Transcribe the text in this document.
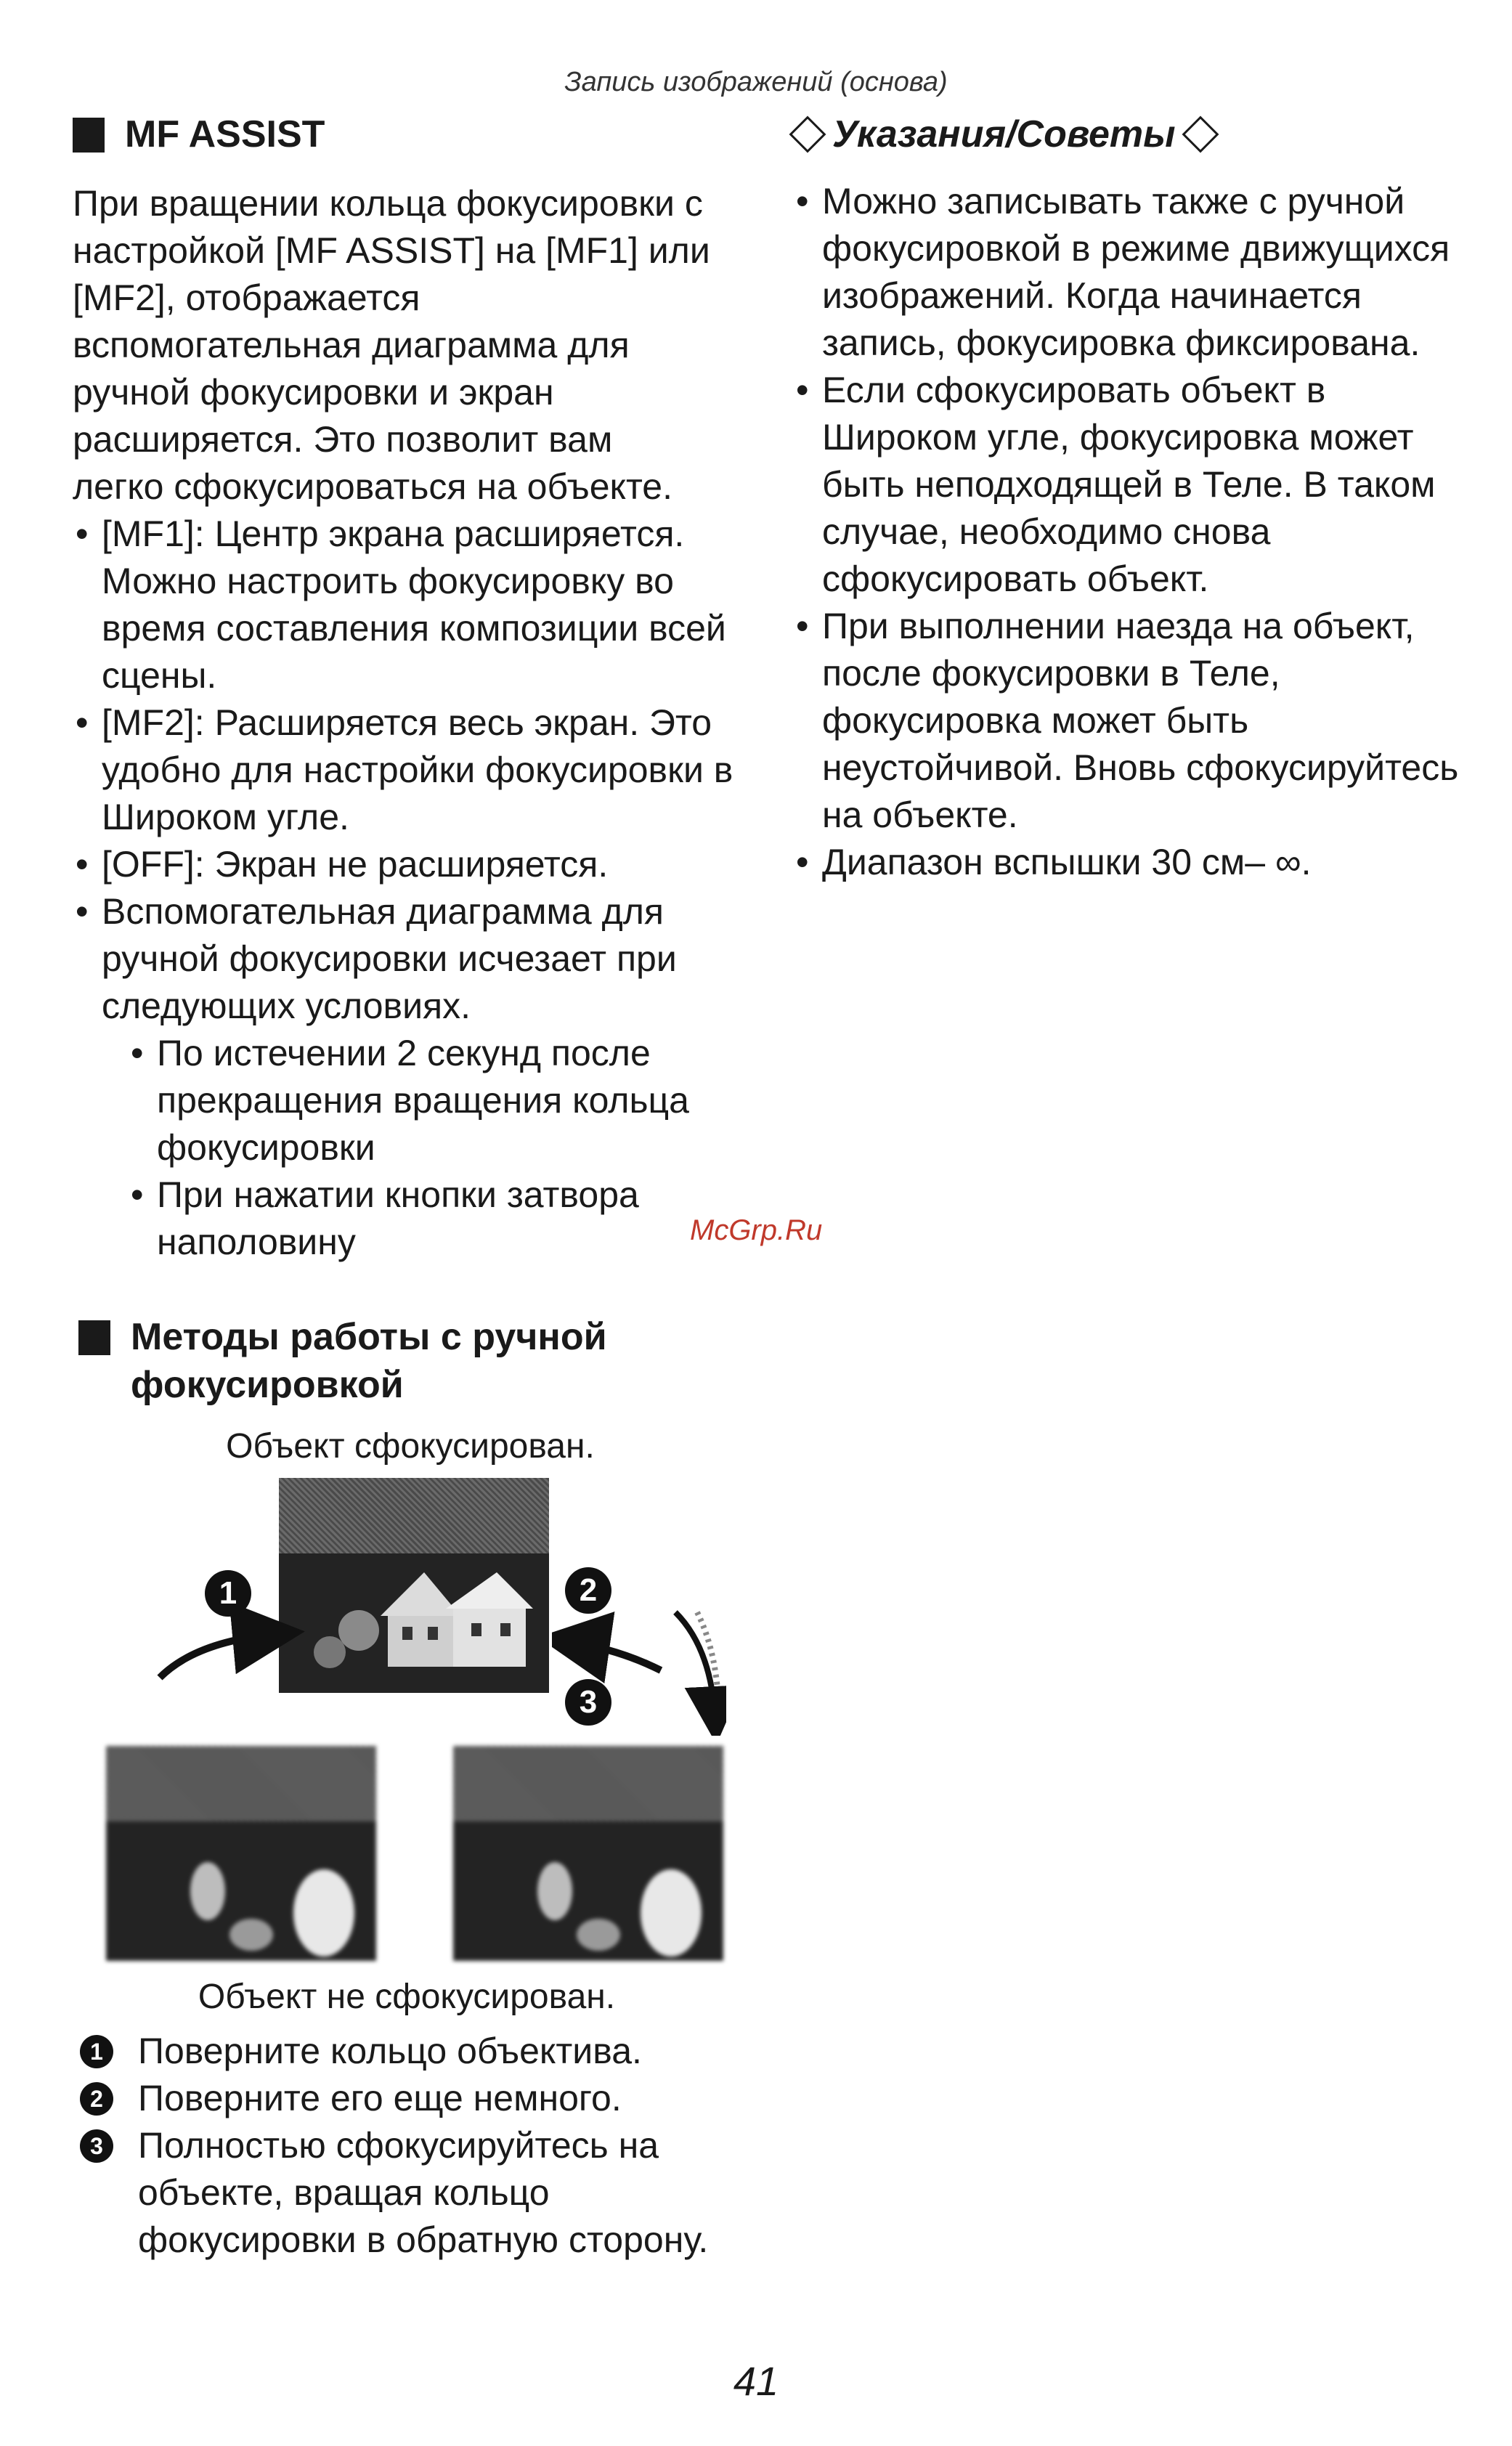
Запись изображений (основа)
MF ASSIST
При вращении кольца фокусировки с
настройкой [MF ASSIST] на [MF1] или
[MF2], отображается
вспомогательная диаграмма для
ручной фокусировки и экран
расширяется. Это позволит вам
легко сфокусироваться на объекте.
• [MF1]: Центр экрана расширяется. Можно настроить фокусировку во время составления композиции всей сцены.
• [MF2]: Расширяется весь экран. Это удобно для настройки фокусировки в Широком угле.
• [OFF]: Экран не расширяется.
• Вспомогательная диаграмма для ручной фокусировки исчезает при следующих условиях.
• По истечении 2 секунд после прекращения вращения кольца фокусировки
• При нажатии кнопки затвора наполовину	McGrp.Ru
Методы работы с ручной
фокусировкой
Объект сфокусирован.
1	2
3
Объект не сфокусирован.
1 Поверните кольцо объектива.
2 Поверните его еще немного.
3 Полностью сфокусируйтесь на объекте, вращая кольцо фокусировки в обратную сторону.
Указания/Советы
• Можно записывать также с ручной фокусировкой в режиме движущихся изображений. Когда начинается запись, фокусировка фиксирована.
• Если сфокусировать объект в Широком угле, фокусировка может быть неподходящей в Теле. В таком случае, необходимо снова сфокусировать объект.
• При выполнении наезда на объект, после фокусировки в Теле, фокусировка может быть неустойчивой. Вновь сфокусируйтесь на объекте.
• Диапазон вспышки 30 см– ∞.
41
